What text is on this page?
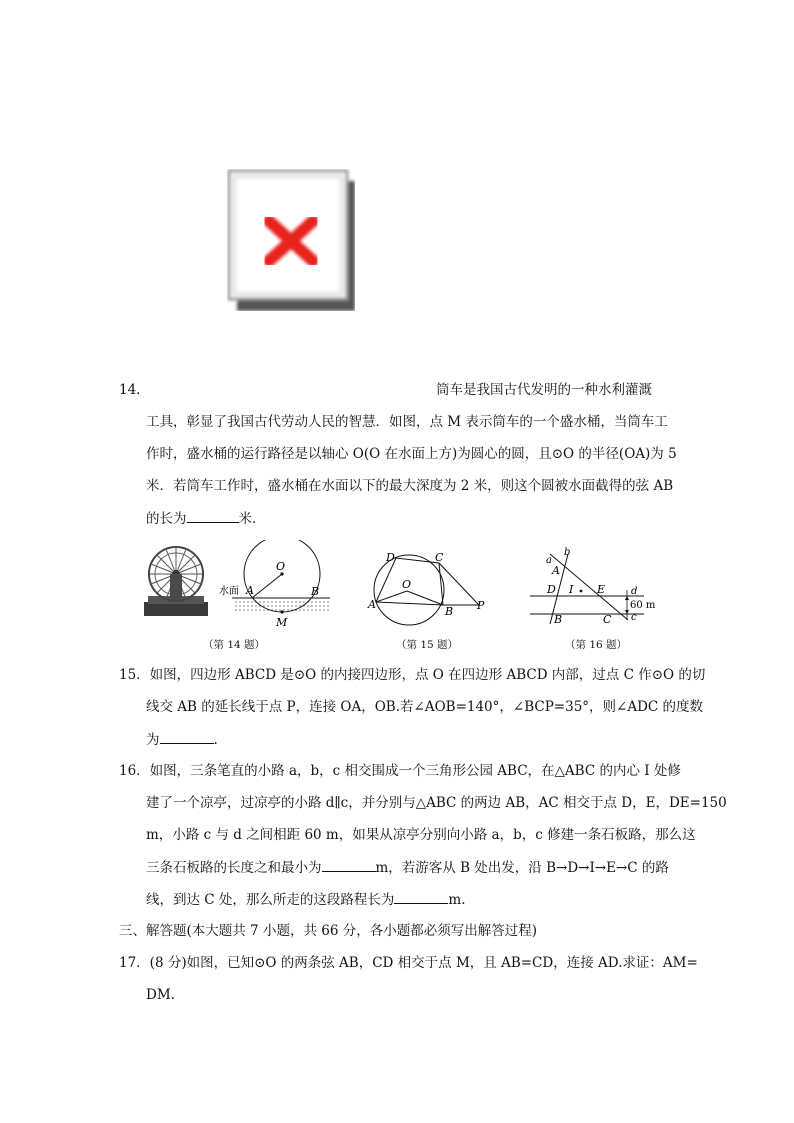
14．	筒车是我国古代发明的一种水利灌溉
工具，彰显了我国古代劳动人民的智慧．如图，点 M 表示筒车的一个盛水桶，当筒车工
作时，盛水桶的运行路径是以轴心 O(O 在水面上方)为圆心的圆，且⊙O 的半径(OA)为 5
米．若筒车工作时，盛水桶在水面以下的最大深度为 2 米，则这个圆被水面截得的弦 AB
的长为	米.
O
A	B
M
水面
（第 14 题）
D	C
O
A
B P
（第 15 题）
b
a
A
D I E	d
60 m
c
B	C
（第 16 题）
15．如图，四边形 ABCD 是⊙O 的内接四边形，点 O 在四边形 ABCD 内部，过点 C 作⊙O 的切
线交 AB 的延长线于点 P，连接 OA，OB.若∠AOB=140°，∠BCP=35°，则∠ADC 的度数
为	.
16．如图，三条笔直的小路 a，b，c 相交围成一个三角形公园 ABC，在△ABC 的内心 I 处修
建了一个凉亭，过凉亭的小路 d∥c，并分别与△ABC 的两边 AB，AC 相交于点 D，E，DE=150
m，小路 c 与 d 之间相距 60 m，如果从凉亭分别向小路 a，b，c 修建一条石板路，那么这
三条石板路的长度之和最小为	m，若游客从 B 处出发，沿 B→D→I→E→C 的路
线，到达 C 处，那么所走的这段路程长为	m.
三、解答题(本大题共 7 小题，共 66 分，各小题都必须写出解答过程)
17．(8 分)如图，已知⊙O 的两条弦 AB，CD 相交于点 M，且 AB=CD，连接 AD.求证：AM=
DM.
